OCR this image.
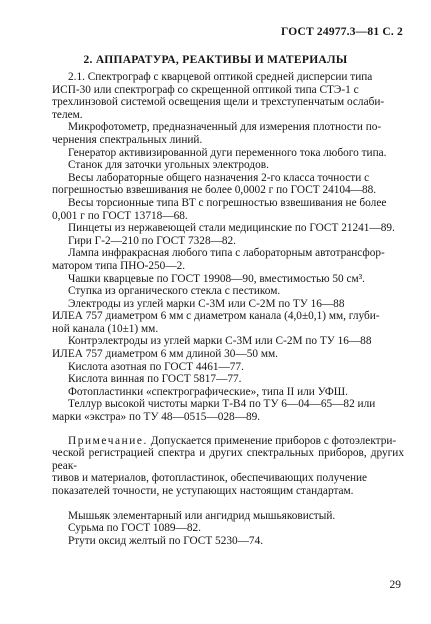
ГОСТ 24977.3—81 С. 2
2. АППАРАТУРА, РЕАКТИВЫ И МАТЕРИАЛЫ

2.1. Спектрограф с кварцевой оптикой средней дисперсии типа
ИСП-30 или спектрограф со скрещенной оптикой типа СТЭ-1 с
трехлинзовой системой освещения щели и трехступенчатым ослаби-
телем.

Микрофотометр, предназначенный для измерения плотности по-
чернения спектральных линий.

Генератор активизированной дуги переменного тока любого типа.

Станок для заточки угольных электродов.

Весы лабораторные общего назначения 2-го класса точности с
погрешностью взвешивания не более 0,0002 г по ГОСТ 24104—88.

Весы торсионные типа ВТ с погрешностью взвешивания не более
0,001 г по ГОСТ 13718—68.

Пинцеты из нержавеющей стали медицинские по ГОСТ 21241—89.

Гири Г-2—210 по ГОСТ 7328—82.

Лампа инфракрасная любого типа с лабораторным автотрансфор-
матором типа ПНО-250—2.

Чашки кварцевые по ГОСТ 19908—90, вместимостью 50 см³.

Ступка из органического стекла с пестиком.

Электроды из углей марки С-3М или С-2М по ТУ 16—88
ИЛЕА 757 диаметром 6 мм с диаметром канала (4,0±0,1) мм, глуби-
ной канала (10±1) мм.

Контрэлектроды из углей марки С-3М или С-2М по ТУ 16—88
ИЛЕА 757 диаметром 6 мм длиной 30—50 мм.

Кислота азотная по ГОСТ 4461—77.

Кислота винная по ГОСТ 5817—77.

Фотопластинки «спектрографические», типа II или УФШ.

Теллур высокой чистоты марки Т-В4 по ТУ 6—04—65—82 или
марки «экстра» по ТУ 48—0515—028—89.

Примечание. Допускается применение приборов с фотоэлектри-
ческой регистрацией спектра и других спектральных приборов, других реак-
тивов и материалов, фотопластинок, обеспечивающих получение
показателей точности, не уступающих настоящим стандартам.

Мышьяк элементарный или ангидрид мышьяковистый.

Сурьма по ГОСТ 1089—82.

Ртути оксид желтый по ГОСТ 5230—74.

29
